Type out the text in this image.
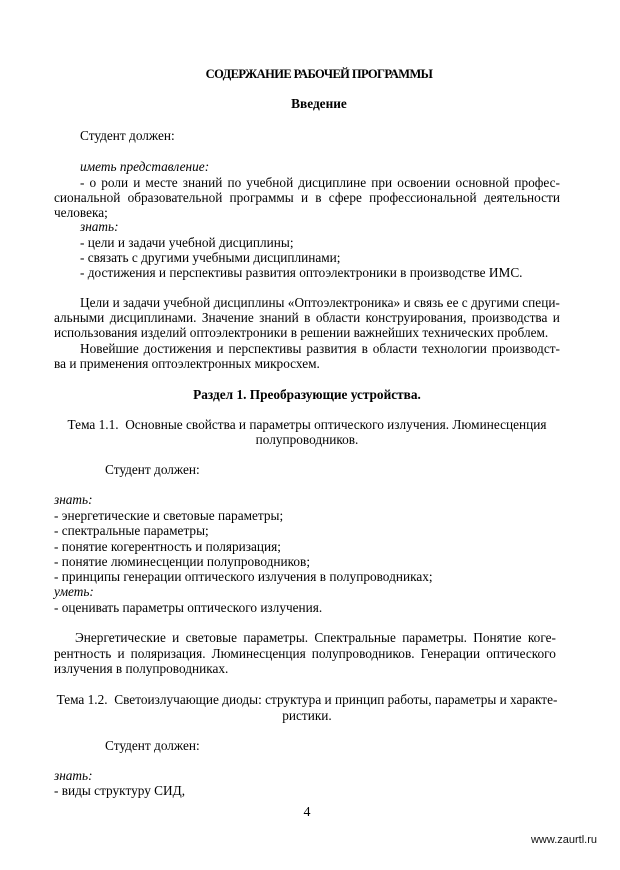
СОДЕРЖАНИЕ РАБОЧЕЙ ПРОГРАММЫ
Введение
Студент должен:
иметь представление:
- о роли и месте знаний по учебной дисциплине при освоении основной профес-
сиональной образовательной программы и в сфере профессиональной деятельности
человека;
знать:
- цели и задачи учебной дисциплины;
- связать с другими учебными дисциплинами;
- достижения и перспективы развития оптоэлектроники в производстве ИМС.
Цели и задачи учебной дисциплины «Оптоэлектроника» и связь ее с другими специ-
альными дисциплинами. Значение знаний в области конструирования, производства и
использования изделий оптоэлектроники в решении важнейших технических проблем.
Новейшие достижения и перспективы развития в области технологии производст-
ва и применения оптоэлектронных микросхем.
Раздел 1. Преобразующие устройства.
Тема 1.1.  Основные свойства и параметры оптического излучения. Люминесценция
полупроводников.
Студент должен:
знать:
- энергетические и световые параметры;
- спектральные параметры;
- понятие когерентность и поляризация;
- понятие люминесценции полупроводников;
- принципы генерации оптического излучения в полупроводниках;
уметь:
- оценивать параметры оптического излучения.
Энергетические и световые параметры. Спектральные параметры. Понятие коге-
рентность и поляризация. Люминесценция полупроводников. Генерации оптического
излучения в полупроводниках.
Тема 1.2.  Светоизлучающие диоды: структура и принцип работы, параметры и характе-
ристики.
Студент должен:
знать:
- виды структуру СИД,
4
www.zaurtl.ru
